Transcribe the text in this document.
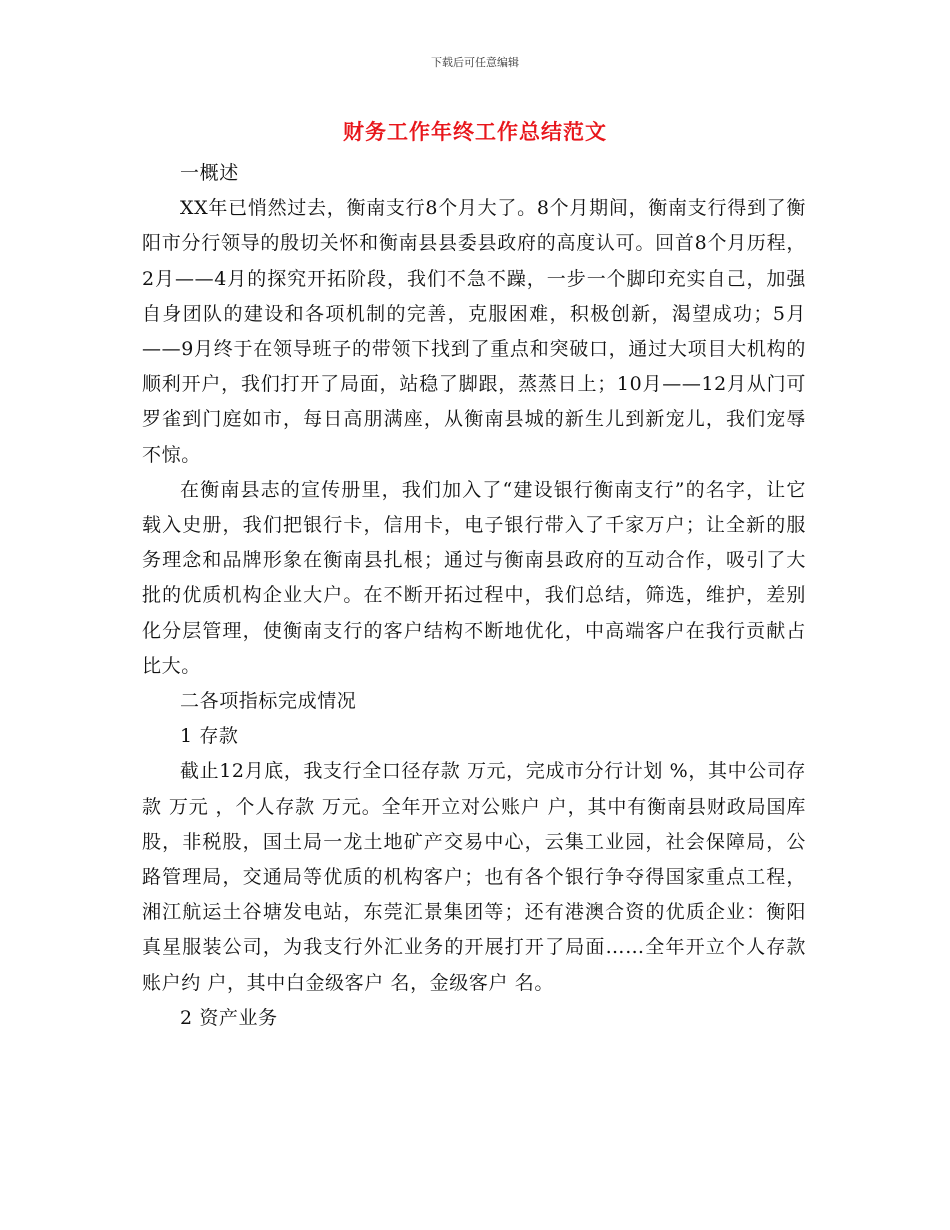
下载后可任意编辑
财务工作年终工作总结范文

一概述

XX年已悄然过去，衡南支行8个月大了。8个月期间，衡南支行得到了衡阳市分行领导的殷切关怀和衡南县县委县政府的高度认可。回首8个月历程，2月——4月的探究开拓阶段，我们不急不躁，一步一个脚印充实自己，加强自身团队的建设和各项机制的完善，克服困难，积极创新，渴望成功；5月——9月终于在领导班子的带领下找到了重点和突破口，通过大项目大机构的顺利开户，我们打开了局面，站稳了脚跟，蒸蒸日上；10月——12月从门可罗雀到门庭如市，每日高朋满座，从衡南县城的新生儿到新宠儿，我们宠辱不惊。

在衡南县志的宣传册里，我们加入了“建设银行衡南支行”的名字，让它载入史册，我们把银行卡，信用卡，电子银行带入了千家万户；让全新的服务理念和品牌形象在衡南县扎根；通过与衡南县政府的互动合作，吸引了大批的优质机构企业大户。在不断开拓过程中，我们总结，筛选，维护，差别化分层管理，使衡南支行的客户结构不断地优化，中高端客户在我行贡献占比大。

二各项指标完成情况

1 存款

截止12月底，我支行全口径存款 万元，完成市分行计划 %，其中公司存款 万元 ，个人存款 万元。全年开立对公账户 户，其中有衡南县财政局国库股，非税股，国土局一龙土地矿产交易中心，云集工业园，社会保障局，公路管理局，交通局等优质的机构客户；也有各个银行争夺得国家重点工程，湘江航运土谷塘发电站，东莞汇景集团等；还有港澳合资的优质企业：衡阳真星服装公司，为我支行外汇业务的开展打开了局面……全年开立个人存款账户约 户，其中白金级客户 名，金级客户 名。

2 资产业务
